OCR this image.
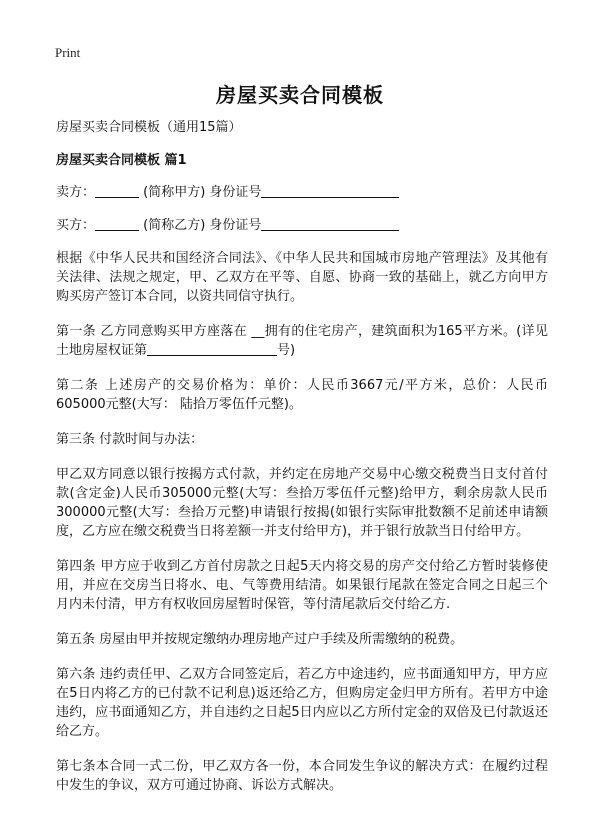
Print
房屋买卖合同模板

房屋买卖合同模板（通用15篇）

房屋买卖合同模板 篇1

卖方：	(简称甲方) 身份证号

买方：	(简称乙方) 身份证号

根据《中华人民共和国经济合同法》、《中华人民共和国城市房地产管理法》及其他有关法律、法规之规定，甲、乙双方在平等、自愿、协商一致的基础上，就乙方向甲方购买房产签订本合同，以资共同信守执行。

第一条 乙方同意购买甲方座落在 __拥有的住宅房产，建筑面积为165平方米。(详见土地房屋权证第	号)

第二条 上述房产的交易价格为：单价：人民币3667元/平方米，总价：人民币605000元整(大写： 陆拾万零伍仟元整)。

第三条 付款时间与办法：

甲乙双方同意以银行按揭方式付款，并约定在房地产交易中心缴交税费当日支付首付款(含定金)人民币305000元整(大写：叁拾万零伍仟元整)给甲方，剩余房款人民币300000元整(大写：叁拾万元整)申请银行按揭(如银行实际审批数额不足前述申请额度，乙方应在缴交税费当日将差额一并支付给甲方)，并于银行放款当日付给甲方。

第四条 甲方应于收到乙方首付房款之日起5天内将交易的房产交付给乙方暂时装修使用，并应在交房当日将水、电、气等费用结清。如果银行尾款在签定合同之日起三个月内未付清，甲方有权收回房屋暂时保管，等付清尾款后交付给乙方.

第五条 房屋由甲并按规定缴纳办理房地产过户手续及所需缴纳的税费。

第六条 违约责任甲、乙双方合同签定后，若乙方中途违约，应书面通知甲方，甲方应在5日内将乙方的已付款不记利息)返还给乙方，但购房定金归甲方所有。若甲方中途违约，应书面通知乙方，并自违约之日起5日内应以乙方所付定金的双倍及已付款返还给乙方。

第七条本合同一式二份，甲乙双方各一份，本合同发生争议的解决方式：在履约过程中发生的争议，双方可通过协商、诉讼方式解决。
